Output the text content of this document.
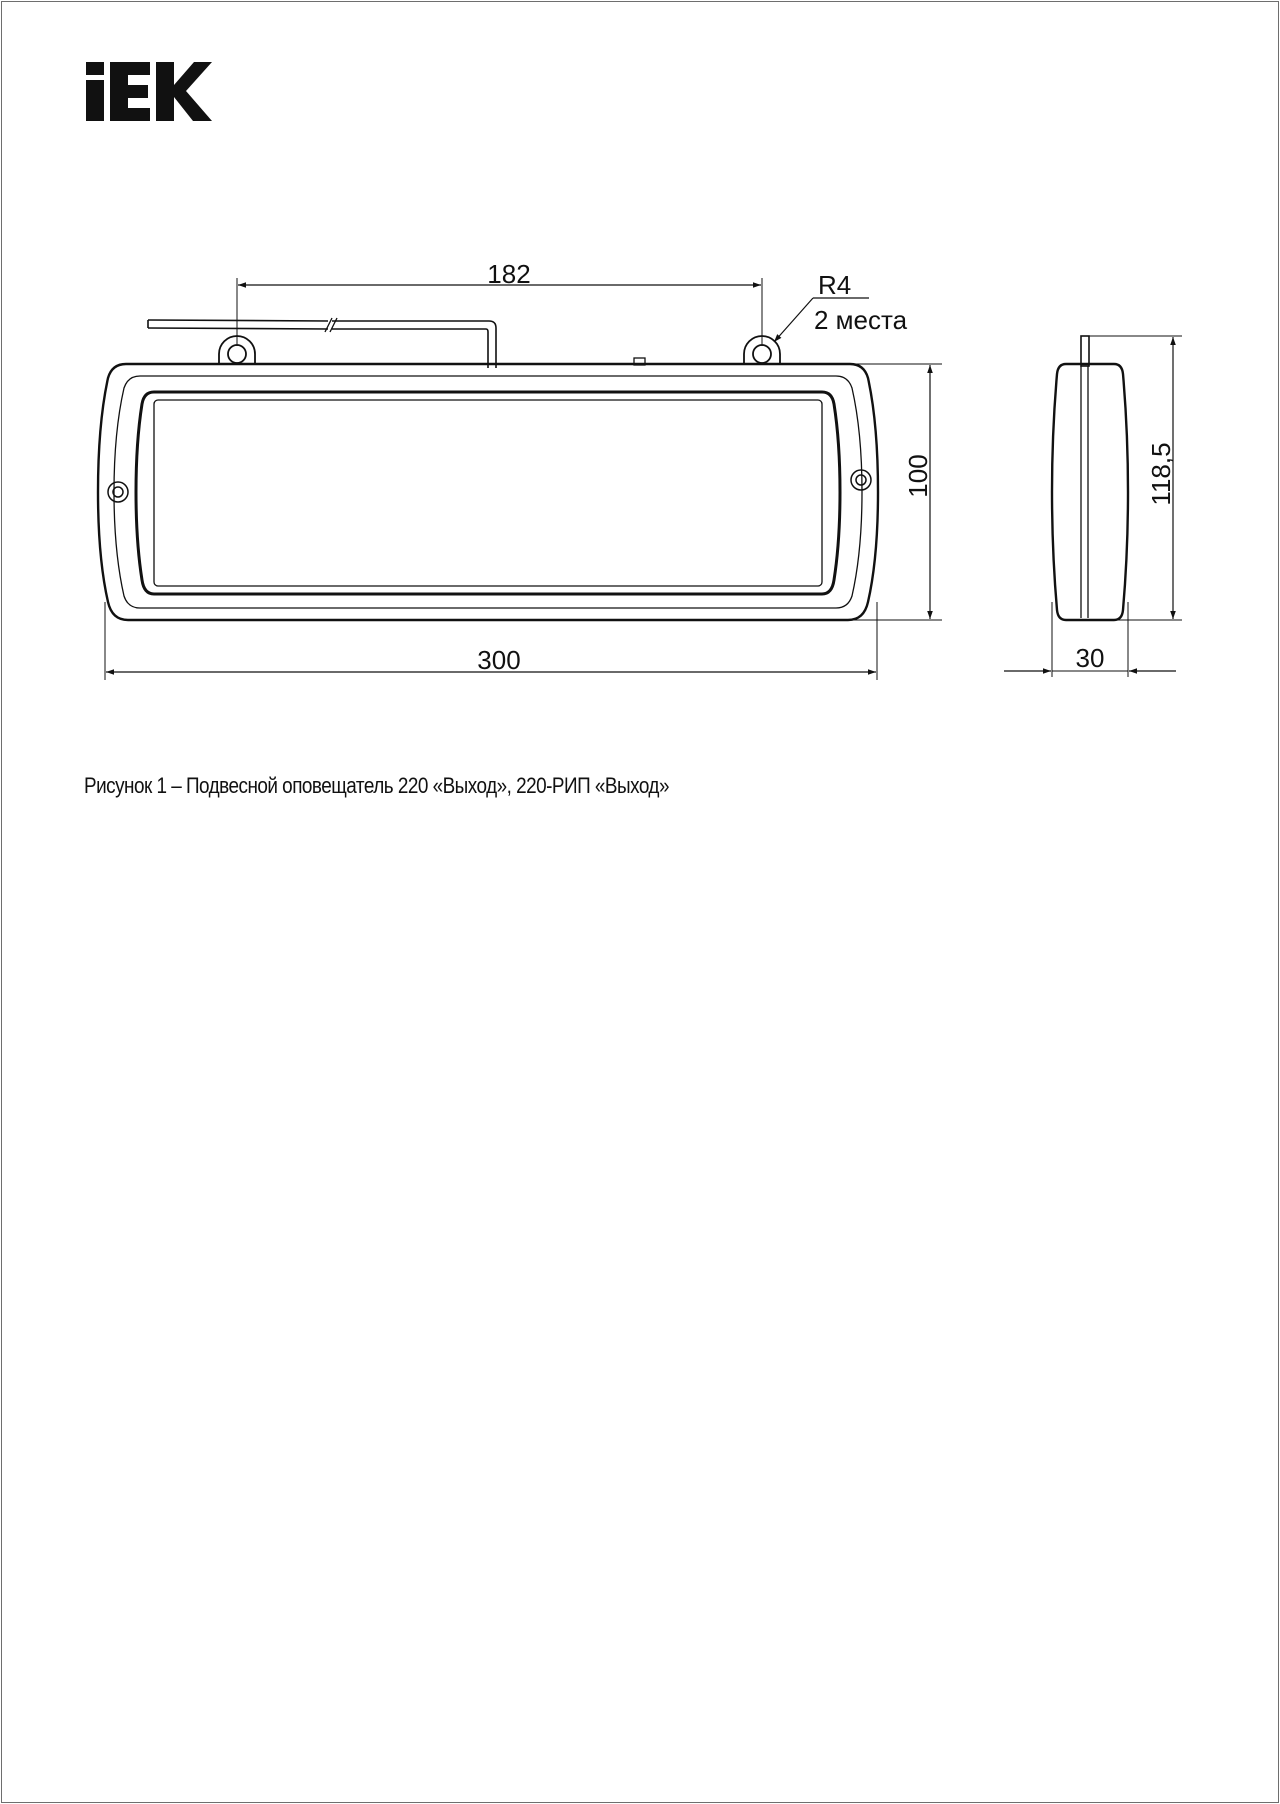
182	R4
2 места
300
100	118,5
30

Рисунок 1 – Подвесной оповещатель 220 «Выход», 220-РИП «Выход»
